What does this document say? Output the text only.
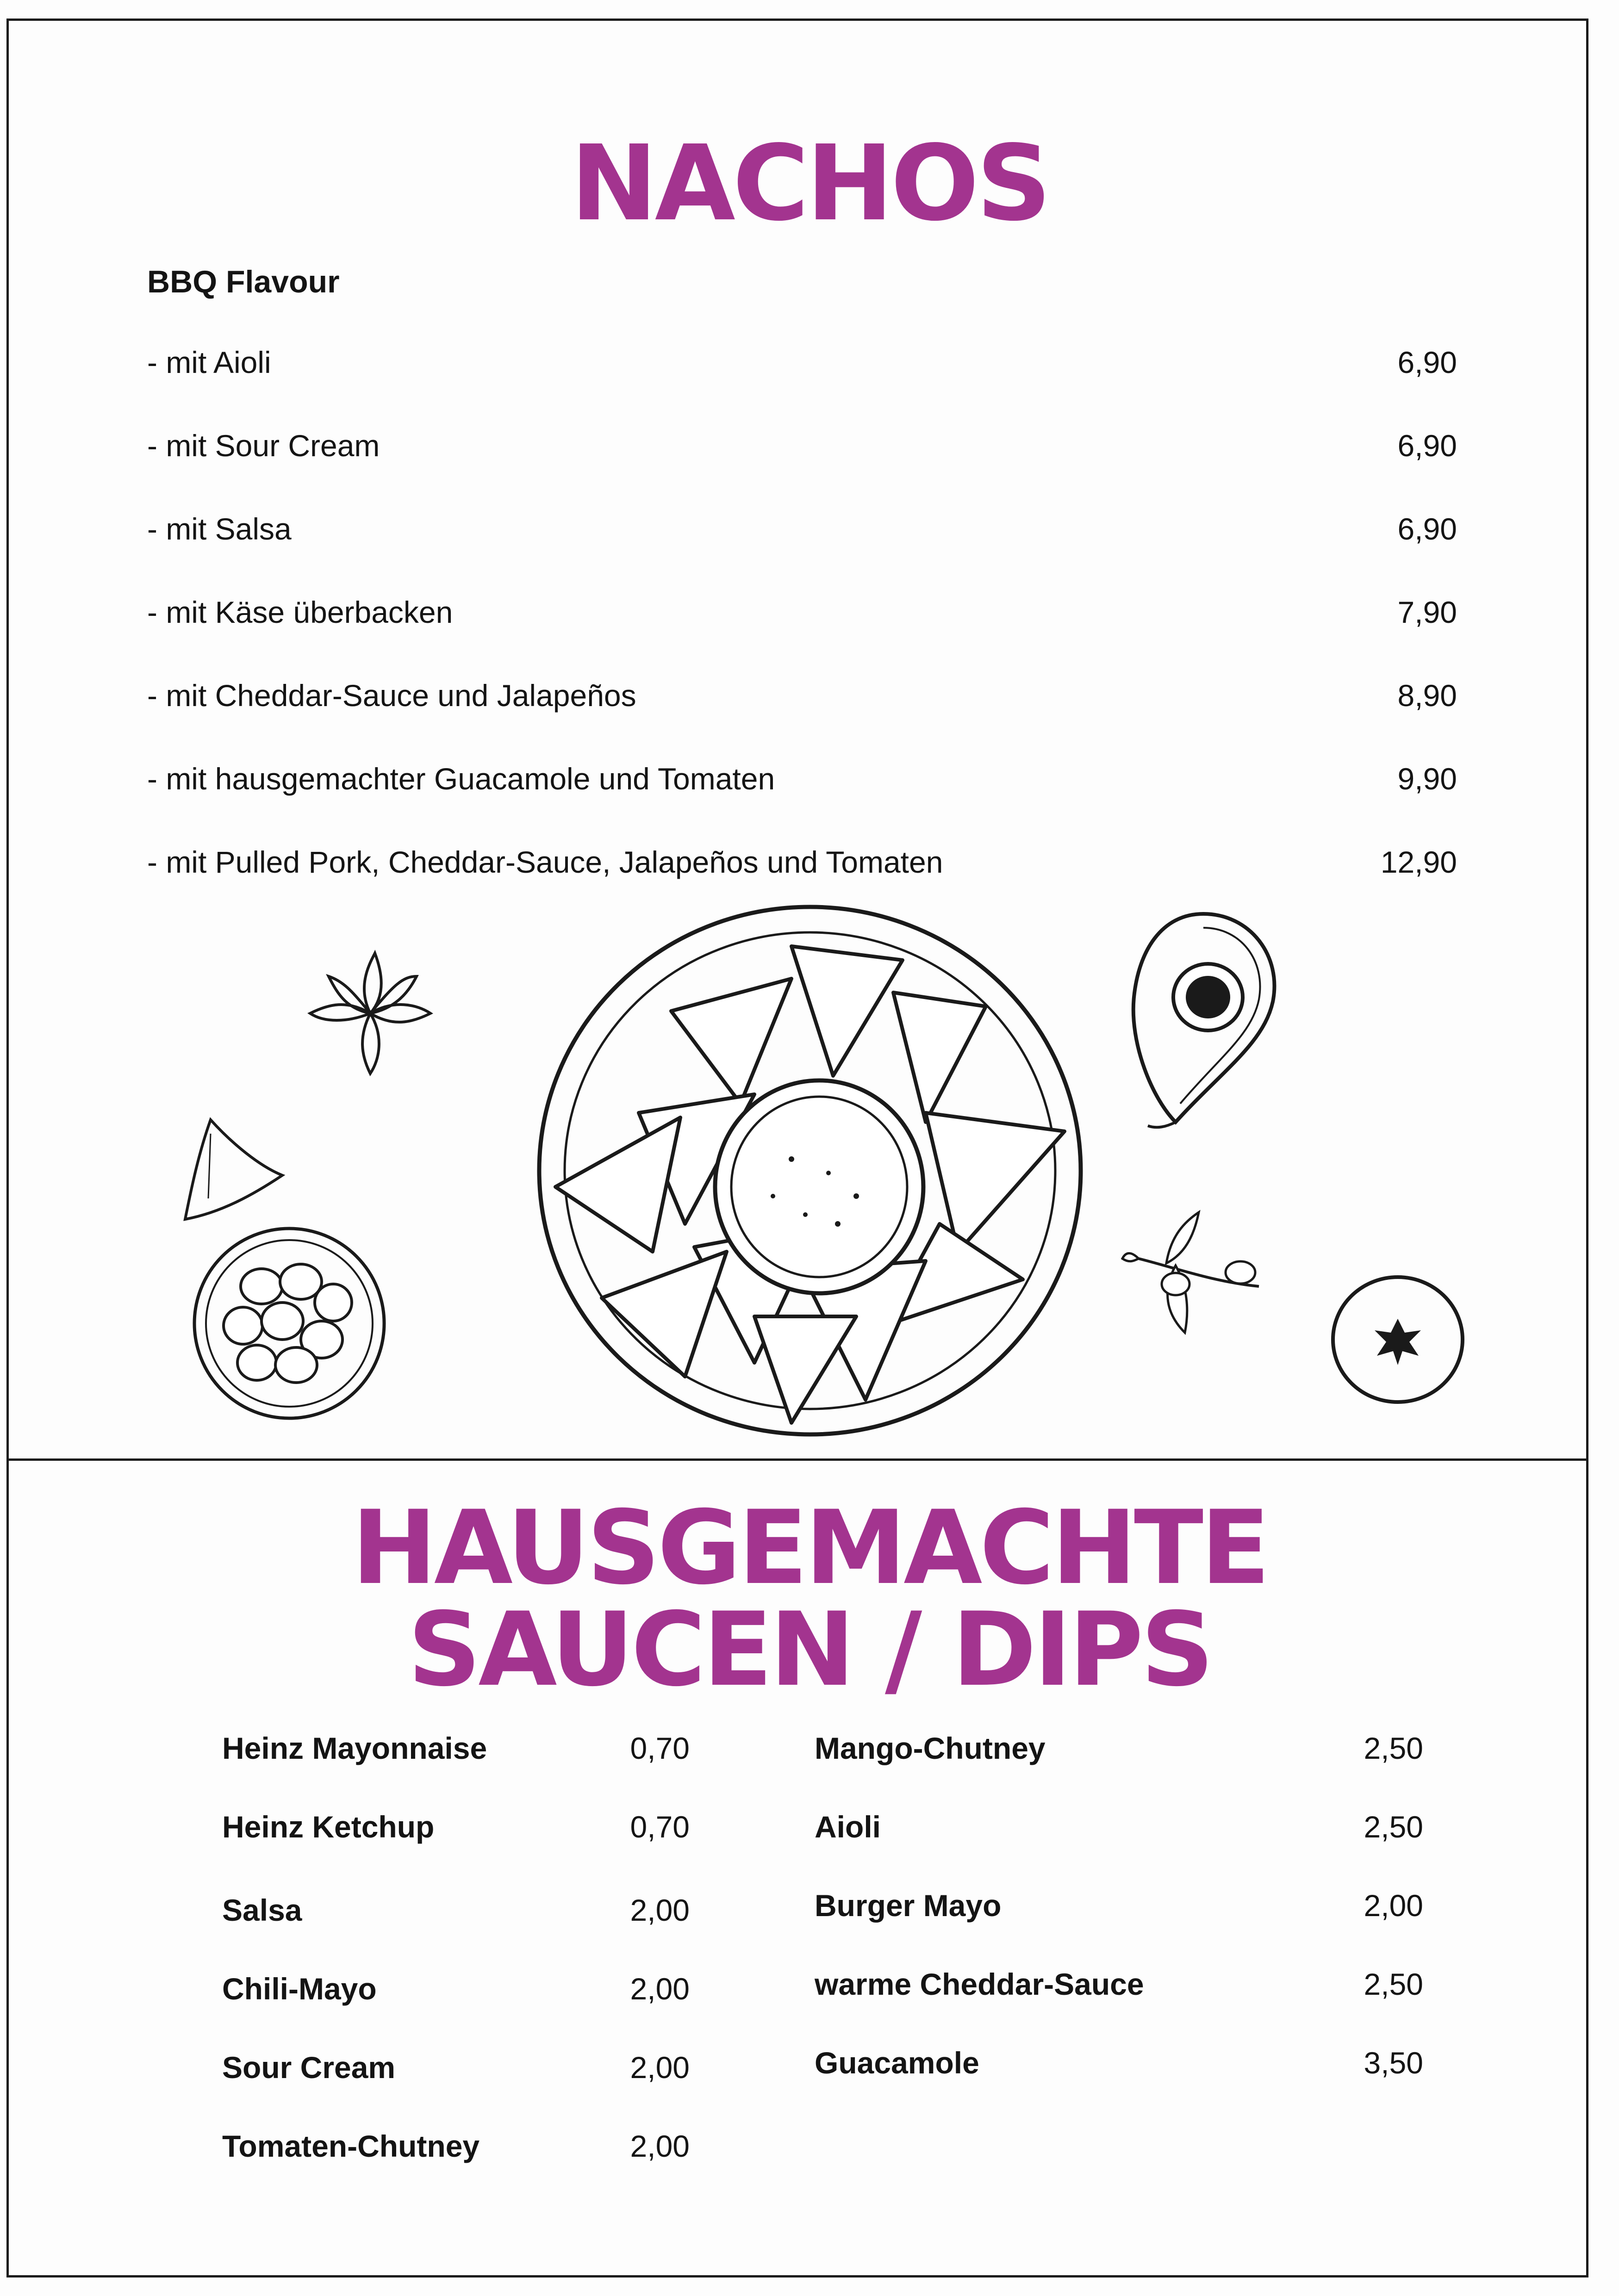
NACHOS
BBQ Flavour
- mit Aioli	6,90
- mit Sour Cream	6,90
- mit Salsa	6,90
- mit Käse überbacken	7,90
- mit Cheddar-Sauce und Jalapeños	8,90
- mit hausgemachter Guacamole und Tomaten	9,90
- mit Pulled Pork, Cheddar-Sauce, Jalapeños und Tomaten	12,90
HAUSGEMACHTE
SAUCEN / DIPS
Heinz Mayonnaise	0,70
Heinz Ketchup	0,70
Salsa	2,00
Chili-Mayo	2,00
Sour Cream	2,00
Tomaten-Chutney	2,00
Mango-Chutney	2,50
Aioli	2,50
Burger Mayo	2,00
warme Cheddar-Sauce	2,50
Guacamole	3,50
